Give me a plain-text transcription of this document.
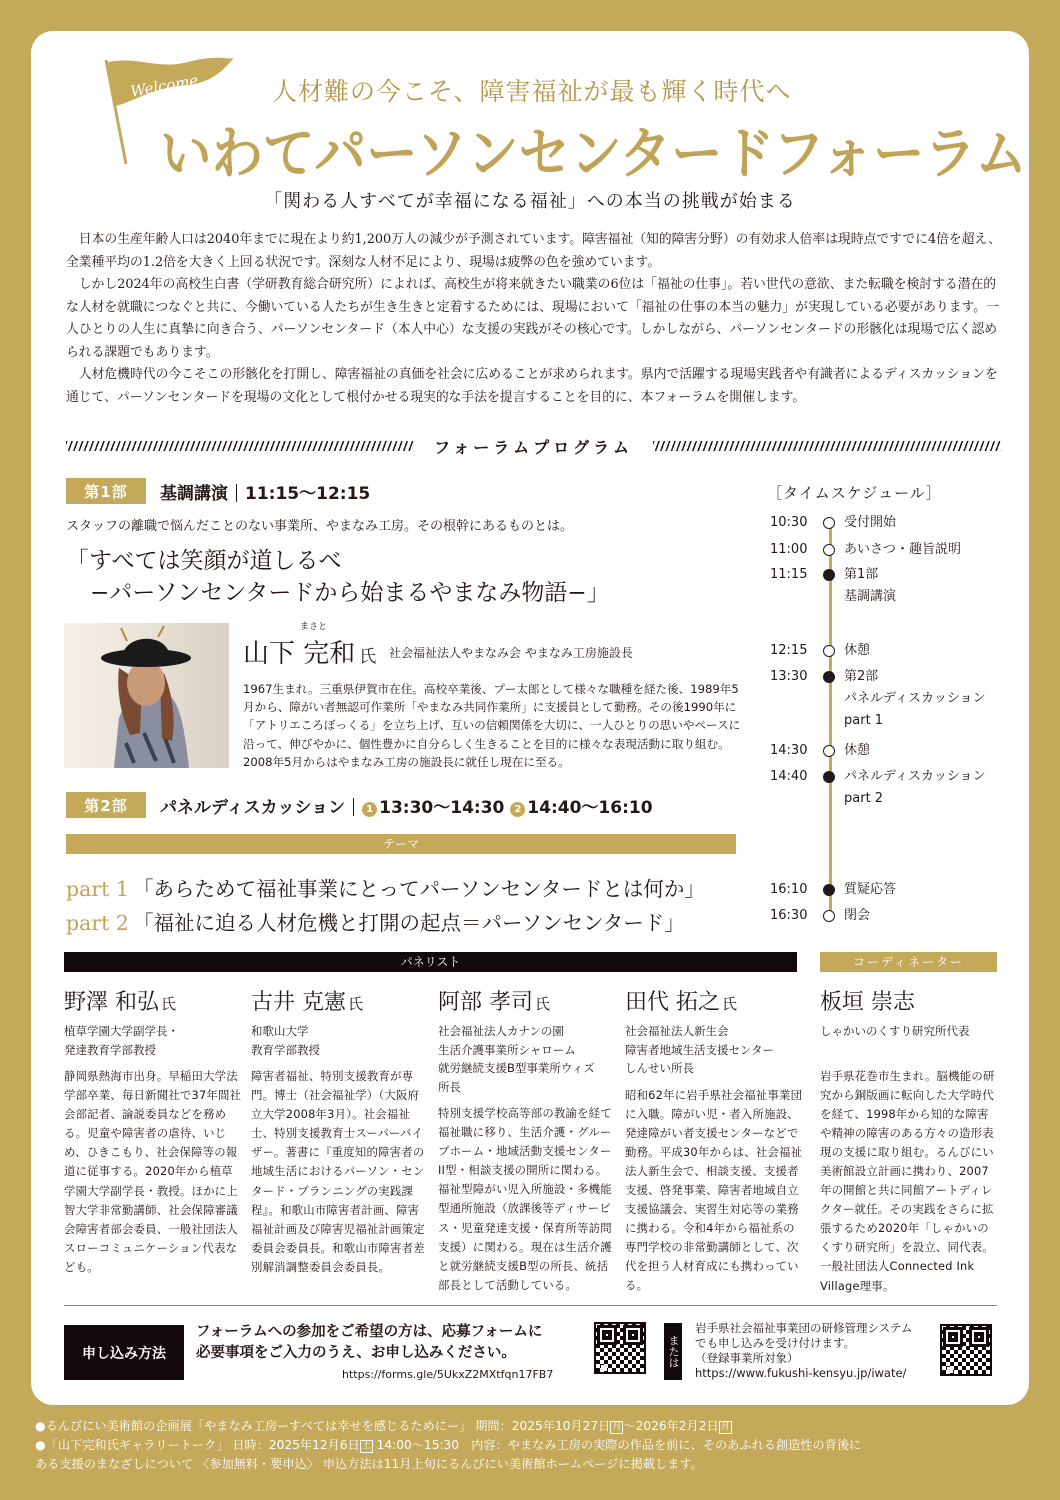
Welcome	人材難の今こそ、障害福祉が最も輝く時代へ
いわてパーソンセンタードフォーラム
「関わる人すべてが幸福になる福祉」への本当の挑戦が始まる

日本の生産年齢人口は2040年までに現在より約1,200万人の減少が予測されています。障害福祉（知的障害分野）の有効求人倍率は現時点ですでに4倍を超え、全業種平均の1.2倍を大きく上回る状況です。深刻な人材不足により、現場は疲弊の色を強めています。

しかし2024年の高校生白書（学研教育総合研究所）によれば、高校生が将来就きたい職業の6位は「福祉の仕事」。若い世代の意欲、また転職を検討する潜在的な人材を就職につなぐと共に、今働いている人たちが生き生きと定着するためには、現場において「福祉の仕事の本当の魅力」が実現している必要があります。一人ひとりの人生に真摯に向き合う、パーソンセンタード（本人中心）な支援の実践がその核心です。しかしながら、パーソンセンタードの形骸化は現場で広く認められる課題でもあります。

人材危機時代の今こそこの形骸化を打開し、障害福祉の真価を社会に広めることが求められます。県内で活躍する現場実践者や有識者によるディスカッションを通じて、パーソンセンタードを現場の文化として根付かせる現実的な手法を提言することを目的に、本フォーラムを開催します。

フォーラムプログラム
第1部	基調講演 11:15〜12:15
スタッフの離職で悩んだことのない事業所、やまなみ工房。その根幹にあるものとは。
「すべては笑顔が道しるべ
−パーソンセンタードから始まるやまなみ物語−」
まさと
山下 完和 氏 社会福祉法人やまなみ会 やまなみ工房施設長
1967生まれ。三重県伊賀市在住。高校卒業後、プー太郎として様々な職種を経た後、1989年5月から、障がい者無認可作業所「やまなみ共同作業所」に支援員として勤務。その後1990年に「アトリエころぼっくる」を立ち上げ、互いの信頼関係を大切に、一人ひとりの思いやペースに沿って、伸びやかに、個性豊かに自分らしく生きることを目的に様々な表現活動に取り組む。2008年5月からはやまなみ工房の施設長に就任し現在に至る。
第2部	パネルディスカッション 1 13:30〜14:30 2 14:40〜16:10
テーマ
part 1 「あらためて福祉事業にとってパーソンセンタードとは何か」
part 2 「福祉に迫る人材危機と打開の起点＝パーソンセンタード」
［タイムスケジュール］
10:30	受付開始
11:00	あいさつ・趣旨説明
11:15	第1部
基調講演
12:15	休憩
13:30	第2部
パネルディスカッション
part 1
14:30	休憩
14:40	パネルディスカッション
part 2
16:10	質疑応答
16:30	閉会
パネリスト	コーディネーター
野澤 和弘 氏
植草学園大学副学長・
発達教育学部教授
静岡県熱海市出身。早稲田大学法学部卒業、毎日新聞社で37年間社会部記者、論説委員などを務める。児童や障害者の虐待、いじめ、ひきこもり、社会保障等の報道に従事する。2020年から植草学園大学副学長・教授。ほかに上智大学非常勤講師、社会保障審議会障害者部会委員、一般社団法人スローコミュニケーション代表なども。
古井 克憲 氏
和歌山大学
教育学部教授
障害者福祉、特別支援教育が専門。博士（社会福祉学）（大阪府立大学2008年3月）。社会福祉士、特別支援教育士スーパーバイザー。著書に『重度知的障害者の地域生活におけるパーソン・センタード・プランニングの実践課程』。和歌山市障害者計画、障害福祉計画及び障害児福祉計画策定委員会委員長。和歌山市障害者差別解消調整委員会委員長。
阿部 孝司 氏
社会福祉法人カナンの園
生活介護事業所シャローム
就労継続支援B型事業所ウィズ
所長
特別支援学校高等部の教諭を経て福祉職に移り、生活介護・グループホーム・地域活動支援センターII型・相談支援の開所に関わる。福祉型障がい児入所施設・多機能型通所施設（放課後等ディサービス・児童発達支援・保育所等訪問支援）に関わる。現在は生活介護と就労継続支援B型の所長、統括部長として活動している。
田代 拓之 氏
社会福祉法人新生会
障害者地域生活支援センター
しんせい所長
昭和62年に岩手県社会福祉事業団に入職。障がい児・者入所施設、発達障がい者支援センターなどで勤務。平成30年からは、社会福祉法人新生会で、相談支援、支援者支援、啓発事業、障害者地域自立支援協議会、実習生対応等の業務に携わる。令和4年から福祉系の専門学校の非常勤講師として、次代を担う人材育成にも携わっている。
板垣 崇志
しゃかいのくすり研究所代表
岩手県花巻市生まれ。脳機能の研究から銅版画に転向した大学時代を経て、1998年から知的な障害や精神の障害のある方々の造形表現の支援に取り組む。るんびにい美術館設立計画に携わり、2007年の開館と共に同館アートディレクター就任。その実践をさらに拡張するため2020年「しゃかいのくすり研究所」を設立、同代表。一般社団法人Connected Ink Village理事。
申し込み方法
フォーラムへの参加をご希望の方は、応募フォームに
必要事項をご入力のうえ、お申し込みください。
https://forms.gle/5UkxZ2MXtfqn17FB7
または
岩手県社会福祉事業団の研修管理システム
でも申し込みを受け付けます。
（登録事業所対象）
https://www.fukushi-kensyu.jp/iwate/
●るんびにい美術館の企画展「やまなみ工房ーすべては幸せを感じるためにー」 期間：2025年10月27日 月 〜2026年2月2日 月
●「山下完和氏ギャラリートーク」 日時：2025年12月6日 土 14:00〜15:30　内容：やまなみ工房の実際の作品を前に、そのあふれる創造性の背後に
ある支援のまなざしについて 〈参加無料・要申込〉 申込方法は11月上旬にるんびにい美術館ホームページに掲載します。
